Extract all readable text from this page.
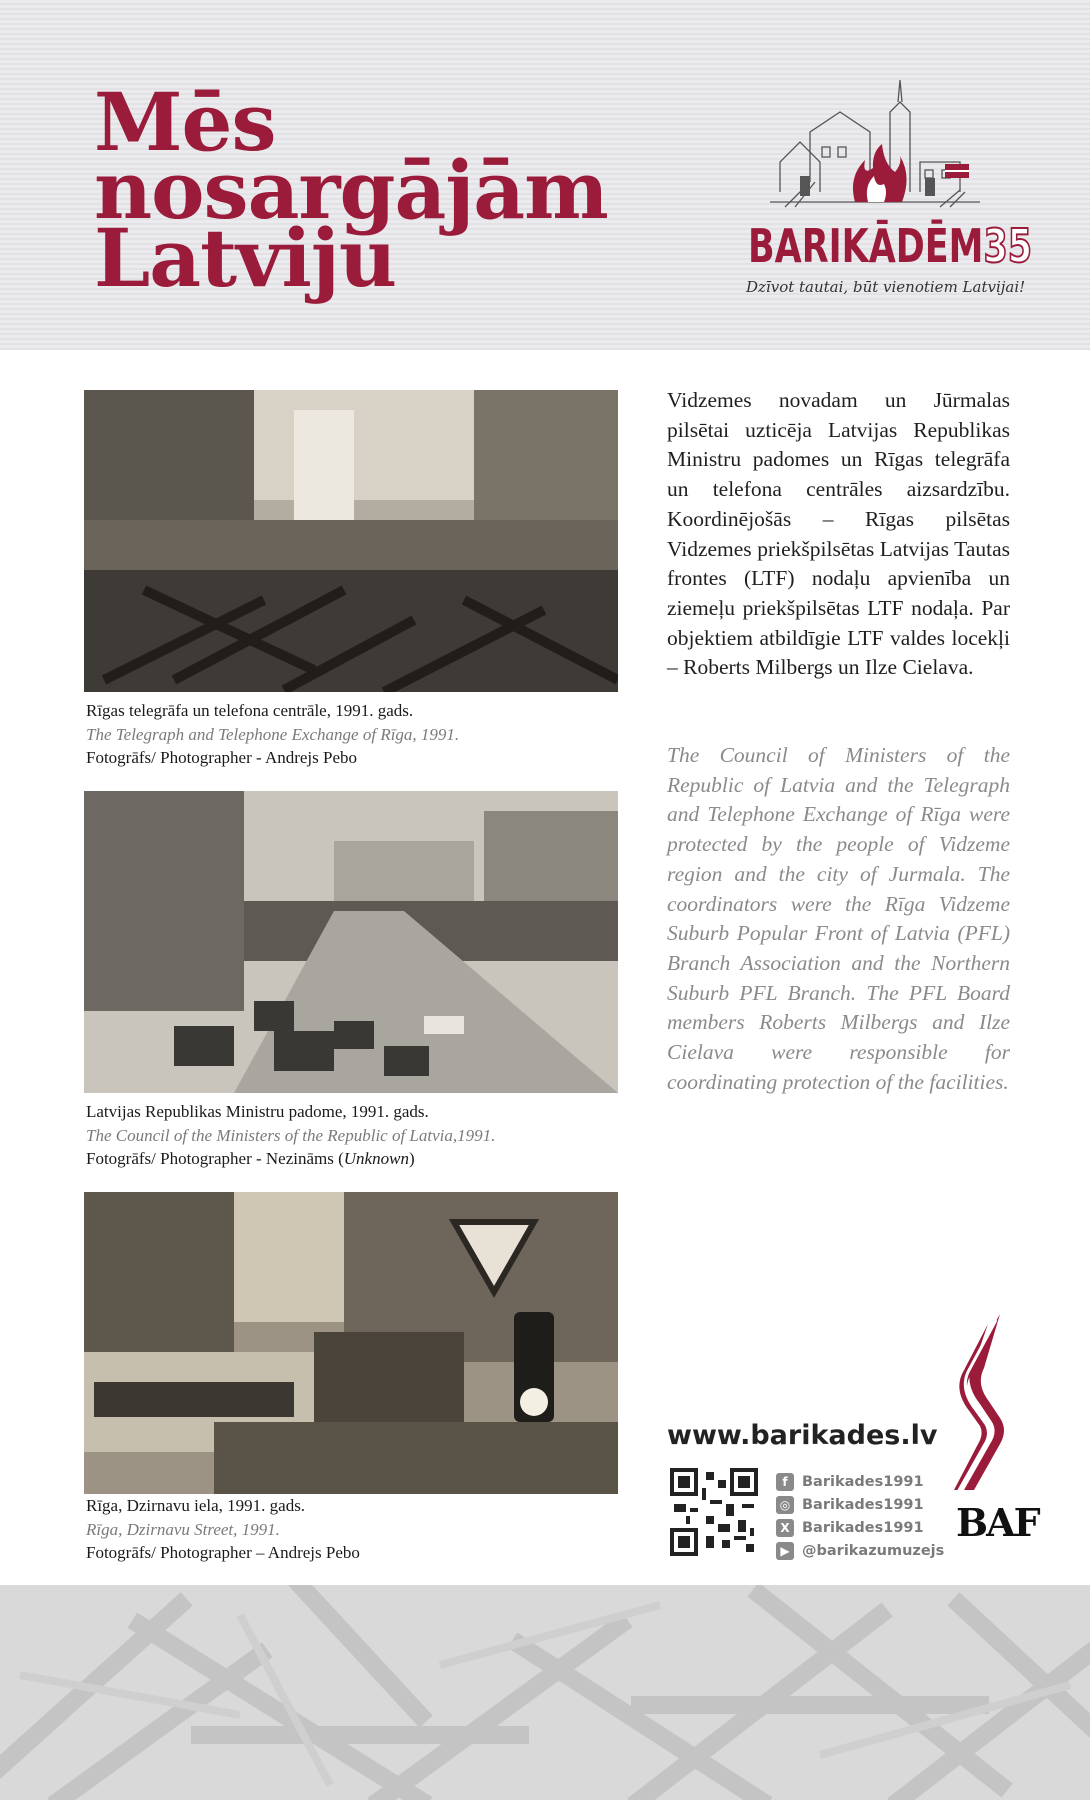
Mēs
nosargājām
Latviju	BARIKĀDĒM35

Dzīvot tautai, būt vienotiem Latvijai!

Rīgas telegrāfa un telefona centrāle, 1991. gads.

The Telegraph and Telephone Exchange of Rīga, 1991.

Fotogrāfs/ Photographer - Andrejs Pebo

Latvijas Republikas Ministru padome, 1991. gads.

The Council of the Ministers of the Republic of Latvia,1991.

Fotogrāfs/ Photographer - Nezināms (Unknown)

Rīga, Dzirnavu iela, 1991. gads.

Rīga, Dzirnavu Street, 1991.

Fotogrāfs/ Photographer – Andrejs Pebo

Vidzemes novadam un Jūrmalas pilsētai uzticēja Latvijas Republikas Ministru padomes un Rīgas telegrāfa un telefona centrāles aizsardzību. Koordinējošās – Rīgas pilsētas Vidzemes priekšpilsētas Latvijas Tautas frontes (LTF) nodaļu apvienība un ziemeļu priekšpilsētas LTF nodaļa. Par objektiem atbildīgie LTF valdes locekļi – Roberts Milbergs un Ilze Cielava.

The Council of Ministers of the Republic of Latvia and the Telegraph and Telephone Exchange of Rīga were protected by the people of Vidzeme region and the city of Jurmala. The coordinators were the Rīga Vidzeme Suburb Popular Front of Latvia (PFL) Branch Association and the Northern Suburb PFL Branch. The PFL Board members Roberts Milbergs and Ilze Cielava were responsible for coordinating protection of the facilities.

www.barikades.lv

f Barikades1991
◎ Barikades1991
X Barikades1991
▶ @barikazumuzejs

BAF
